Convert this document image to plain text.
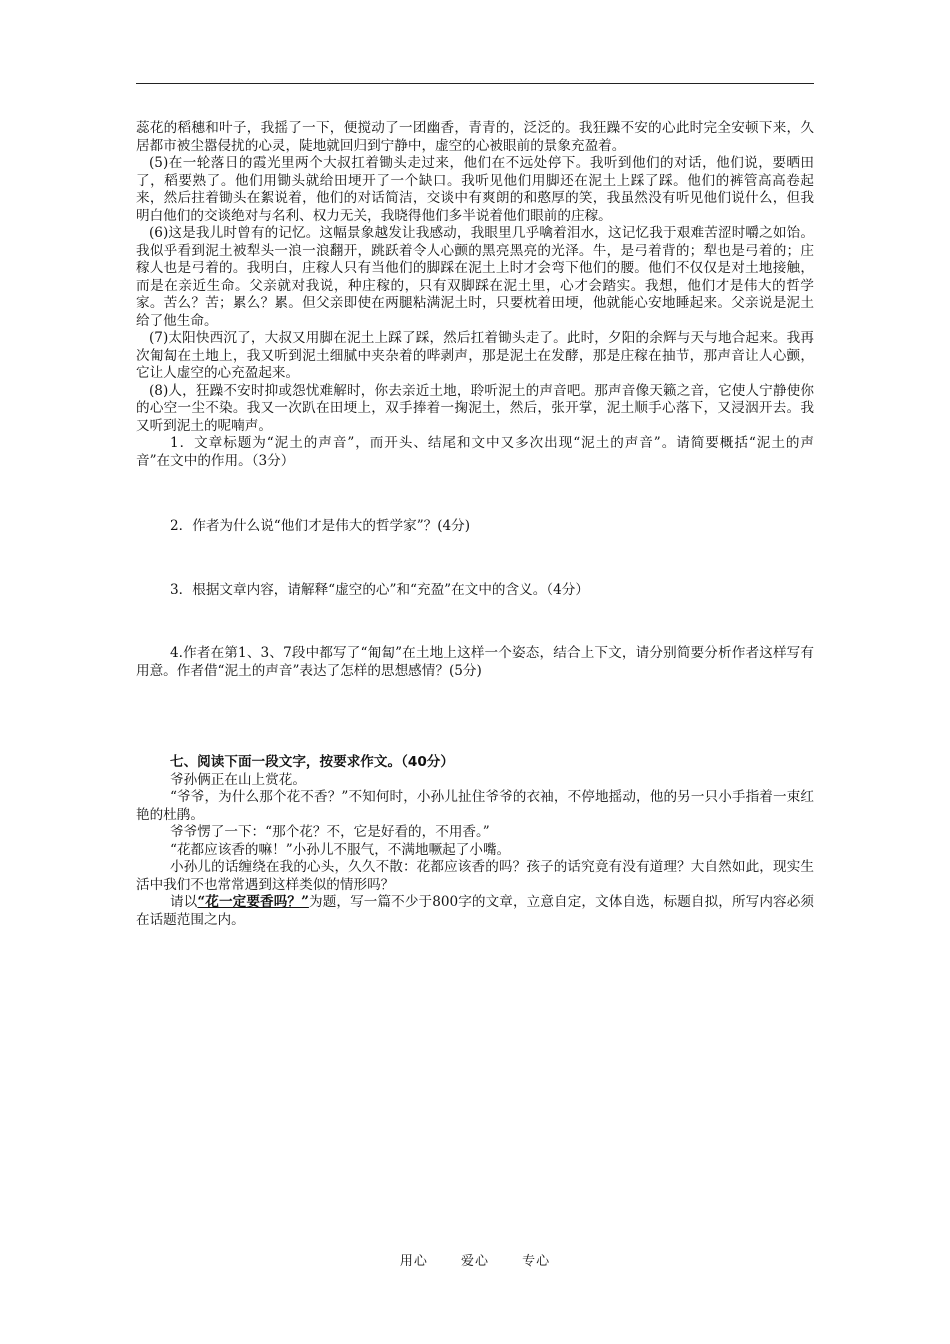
蕊花的稻穗和叶子，我摇了一下，便搅动了一团幽香，青青的，泛泛的。我狂躁不安的心此时完全安顿下来，久居都市被尘嚣侵扰的心灵，陡地就回归到宁静中，虚空的心被眼前的景象充盈着。

(5)在一轮落日的霞光里两个大叔扛着锄头走过来，他们在不远处停下。我听到他们的对话，他们说，要晒田了，稻要熟了。他们用锄头就给田埂开了一个缺口。我听见他们用脚还在泥土上踩了踩。他们的裤管高高卷起来，然后拄着锄头在絮说着，他们的对话简洁，交谈中有爽朗的和憨厚的笑，我虽然没有听见他们说什么，但我明白他们的交谈绝对与名利、权力无关，我晓得他们多半说着他们眼前的庄稼。

(6)这是我儿时曾有的记忆。这幅景象越发让我感动，我眼里几乎噙着泪水，这记忆我于艰难苦涩时嚼之如饴。我似乎看到泥土被犁头一浪一浪翻开，跳跃着令人心颤的黑亮黑亮的光泽。牛，是弓着背的；犁也是弓着的；庄稼人也是弓着的。我明白，庄稼人只有当他们的脚踩在泥土上时才会弯下他们的腰。他们不仅仅是对土地接触，而是在亲近生命。父亲就对我说，种庄稼的，只有双脚踩在泥土里，心才会踏实。我想，他们才是伟大的哲学家。苦么？苦；累么？累。但父亲即使在两腿粘满泥土时，只要枕着田埂，他就能心安地睡起来。父亲说是泥土给了他生命。

(7)太阳快西沉了，大叔又用脚在泥土上踩了踩，然后扛着锄头走了。此时，夕阳的余辉与天与地合起来。我再次匍匐在土地上，我又听到泥土细腻中夹杂着的哔剥声，那是泥土在发酵，那是庄稼在抽节，那声音让人心颤，它让人虚空的心充盈起来。

(8)人，狂躁不安时抑或怨忧难解时，你去亲近土地，聆听泥土的声音吧。那声音像天籁之音，它使人宁静使你的心空一尘不染。我又一次趴在田埂上，双手捧着一掬泥土，然后，张开掌，泥土顺手心落下，又浸洇开去。我又听到泥土的呢喃声。

1．文章标题为“泥土的声音”，而开头、结尾和文中又多次出现“泥土的声音”。请简要概括“泥土的声　音”在文中的作用。（3分）

2．作者为什么说“他们才是伟大的哲学家”？(4分)

3．根据文章内容，请解释“虚空的心”和“充盈”在文中的含义。（4分）

4.作者在第1、3、7段中都写了“匍匐”在土地上这样一个姿态，结合上下文，请分别简要分析作者这样写有用意。作者借“泥土的声音”表达了怎样的思想感情？(5分)

七、阅读下面一段文字，按要求作文。（40分）

爷孙俩正在山上赏花。

“爷爷，为什么那个花不香？”不知何时，小孙儿扯住爷爷的衣袖，不停地摇动，他的另一只小手指着一束红艳的杜鹃。

爷爷愣了一下：“那个花？不，它是好看的，不用香。”

“花都应该香的嘛！”小孙儿不服气，不满地噘起了小嘴。

小孙儿的话缠绕在我的心头，久久不散：花都应该香的吗？孩子的话究竟有没有道理？大自然如此，现实生活中我们不也常常遇到这样类似的情形吗？

请以“花一定要香吗？”为题，写一篇不少于800字的文章，立意自定，文体自选，标题自拟，所写内容必须在话题范围之内。

用心	爱心	专心
